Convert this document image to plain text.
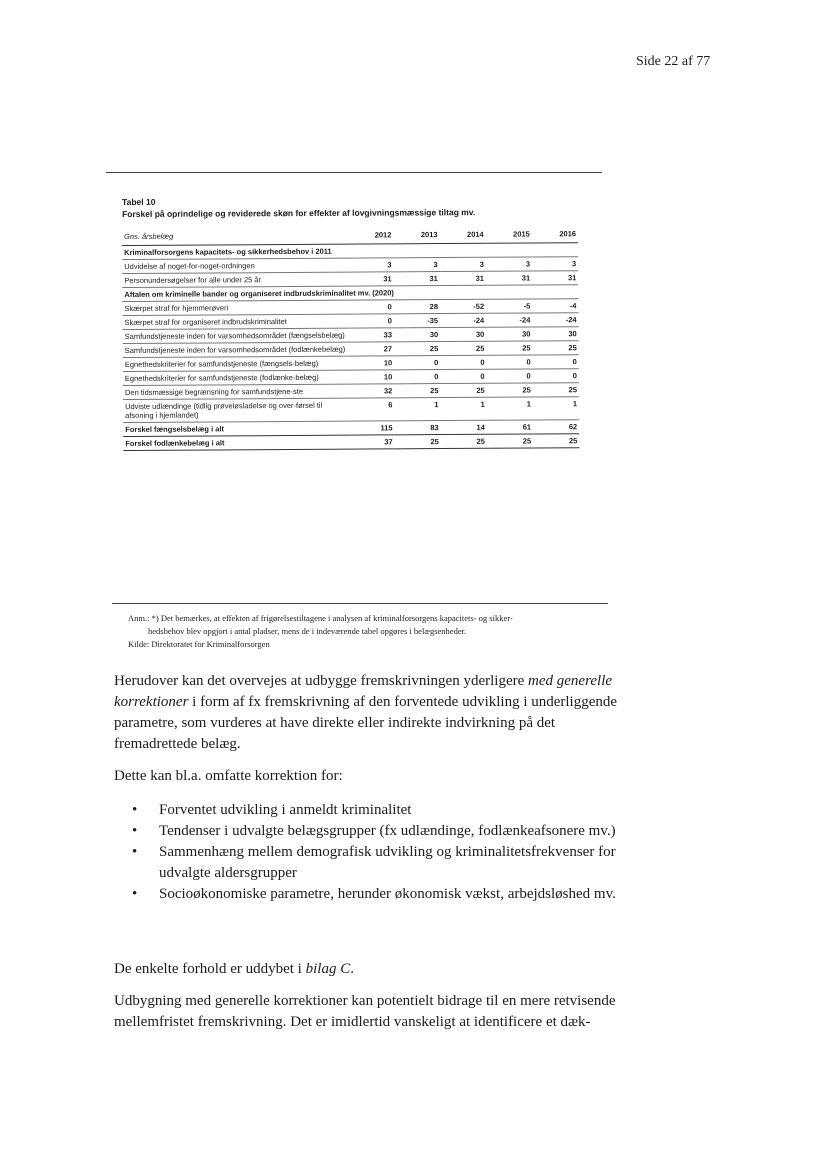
Side 22 af 77
Tabel 10
Forskel på oprindelige og reviderede skøn for effekter af lovgivningsmæssige tiltag mv.
Gns. årsbelæg	2012	2013	2014	2015	2016
Kriminalforsorgens kapacitets- og sikkerhedsbehov i 2011					
Udvidelse af noget-for-noget-ordningen	3	3	3	3	3
Personundersøgelser for alle under 25 år	31	31	31	31	31
Aftalen om kriminelle bander og organiseret indbrudskriminalitet mv. (2020)					
Skærpet straf for hjemmerøveri	0	28	-52	-5	-4
Skærpet straf for organiseret indbrudskriminalitet	0	-35	-24	-24	-24
Samfundstjeneste inden for varsomhedsområdet (fængselsbelæg)	33	30	30	30	30
Samfundstjeneste inden for varsomhedsområdet (fodlænkebelæg)	27	25	25	25	25
Egnethedskriterier for samfundstjeneste (fængsels-belæg)	10	0	0	0	0
Egnethedskriterier for samfundstjeneste (fodlænke-belæg)	10	0	0	0	0
Den tidsmæssige begrænsning for samfundstjene-ste	32	25	25	25	25
Udviste udlændinge (tidlig prøveløsladelse og over-førsel til afsoning i hjemlandet)	6	1	1	1	1
Forskel fængselsbelæg i alt	115	83	14	61	62
Forskel fodlænkebelæg i alt	37	25	25	25	25
Anm.: *) Det bemærkes, at effekten af frigørelsestiltagene i analysen af kriminalforsorgens kapacitets- og sikker-
hedsbehov blev opgjort i antal pladser, mens de i indeværende tabel opgøres i belægsenheder.
Kilde: Direktoratet for Kriminalforsorgen
Herudover kan det overvejes at udbygge fremskrivningen yderligere med generelle korrektioner i form af fx fremskrivning af den forventede udvikling i underliggende parametre, som vurderes at have direkte eller indirekte indvirkning på det fremadrettede belæg.
Dette kan bl.a. omfatte korrektion for:
• Forventet udvikling i anmeldt kriminalitet
• Tendenser i udvalgte belægsgrupper (fx udlændinge, fodlænkeafsonere mv.)
• Sammenhæng mellem demografisk udvikling og kriminalitetsfrekvenser for udvalgte aldersgrupper
• Socioøkonomiske parametre, herunder økonomisk vækst, arbejdsløshed mv.
De enkelte forhold er uddybet i bilag C.
Udbygning med generelle korrektioner kan potentielt bidrage til en mere retvisende mellemfristet fremskrivning. Det er imidlertid vanskeligt at identificere et dæk-
